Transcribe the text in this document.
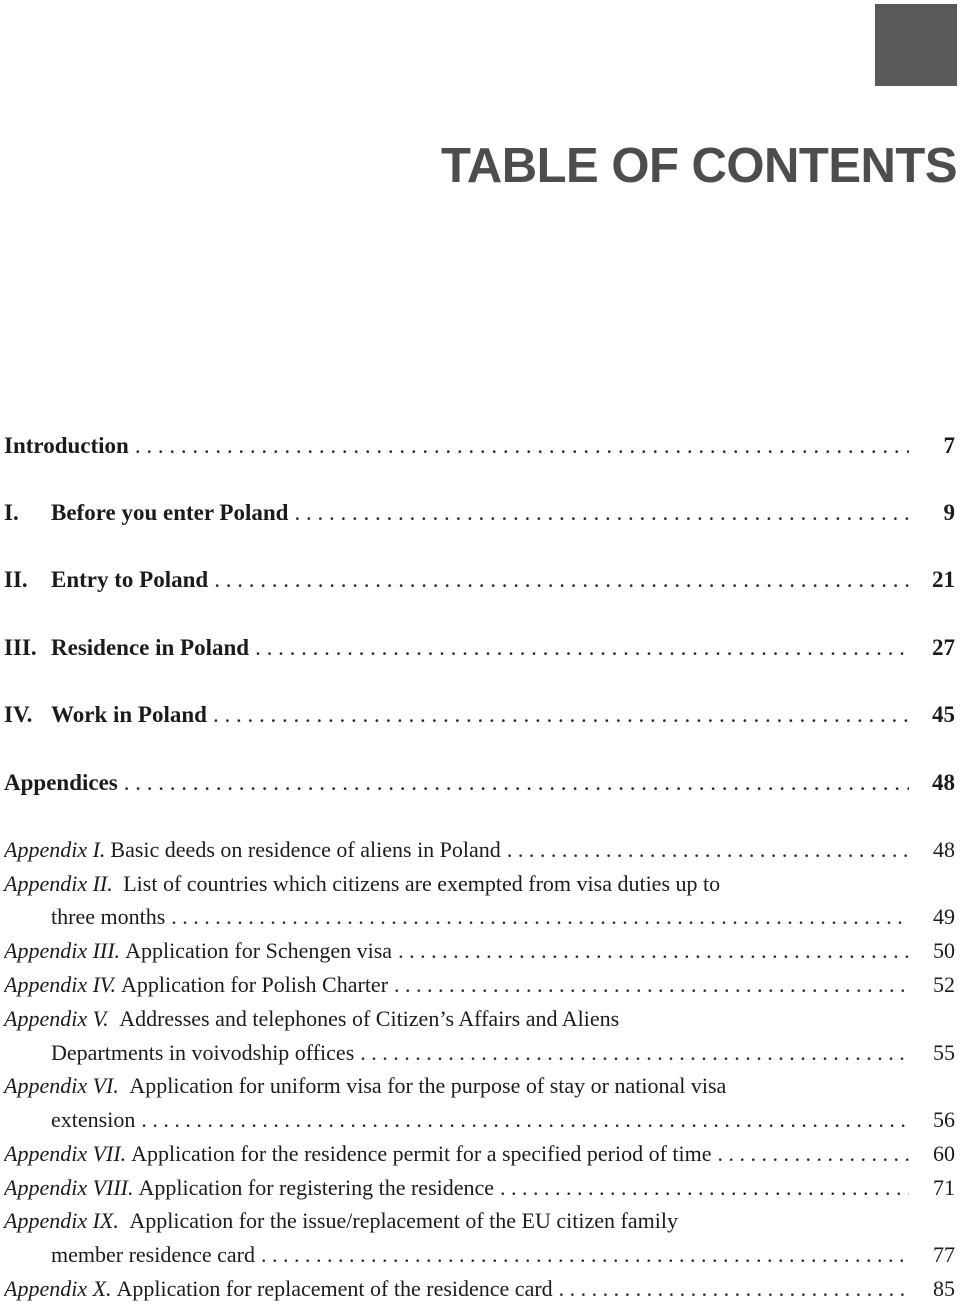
TABLE OF CONTENTS
Introduction . . .	7
I.	Before you enter Poland . . .	9
II.	Entry to Poland . . .	21
III. Residence in Poland . . .	27
IV. Work in Poland . . .	45
Appendices . . .	48
Appendix I. Basic deeds on residence of aliens in Poland . . .	48
Appendix II. List of countries which citizens are exempted from visa duties up to
three months . . .	49
Appendix III. Application for Schengen visa . . .	50
Appendix IV. Application for Polish Charter . . .	52
Appendix V. Addresses and telephones of Citizen’s Affairs and Aliens
Departments in voivodship offices . . .	55
Appendix VI. Application for uniform visa for the purpose of stay or national visa
extension . . .	56
Appendix VII. Application for the residence permit for a specified period of time . . .	60
Appendix VIII. Application for registering the residence . . .	71
Appendix IX. Application for the issue/replacement of the EU citizen family
member residence card . . .	77
Appendix X. Application for replacement of the residence card . . .	85
